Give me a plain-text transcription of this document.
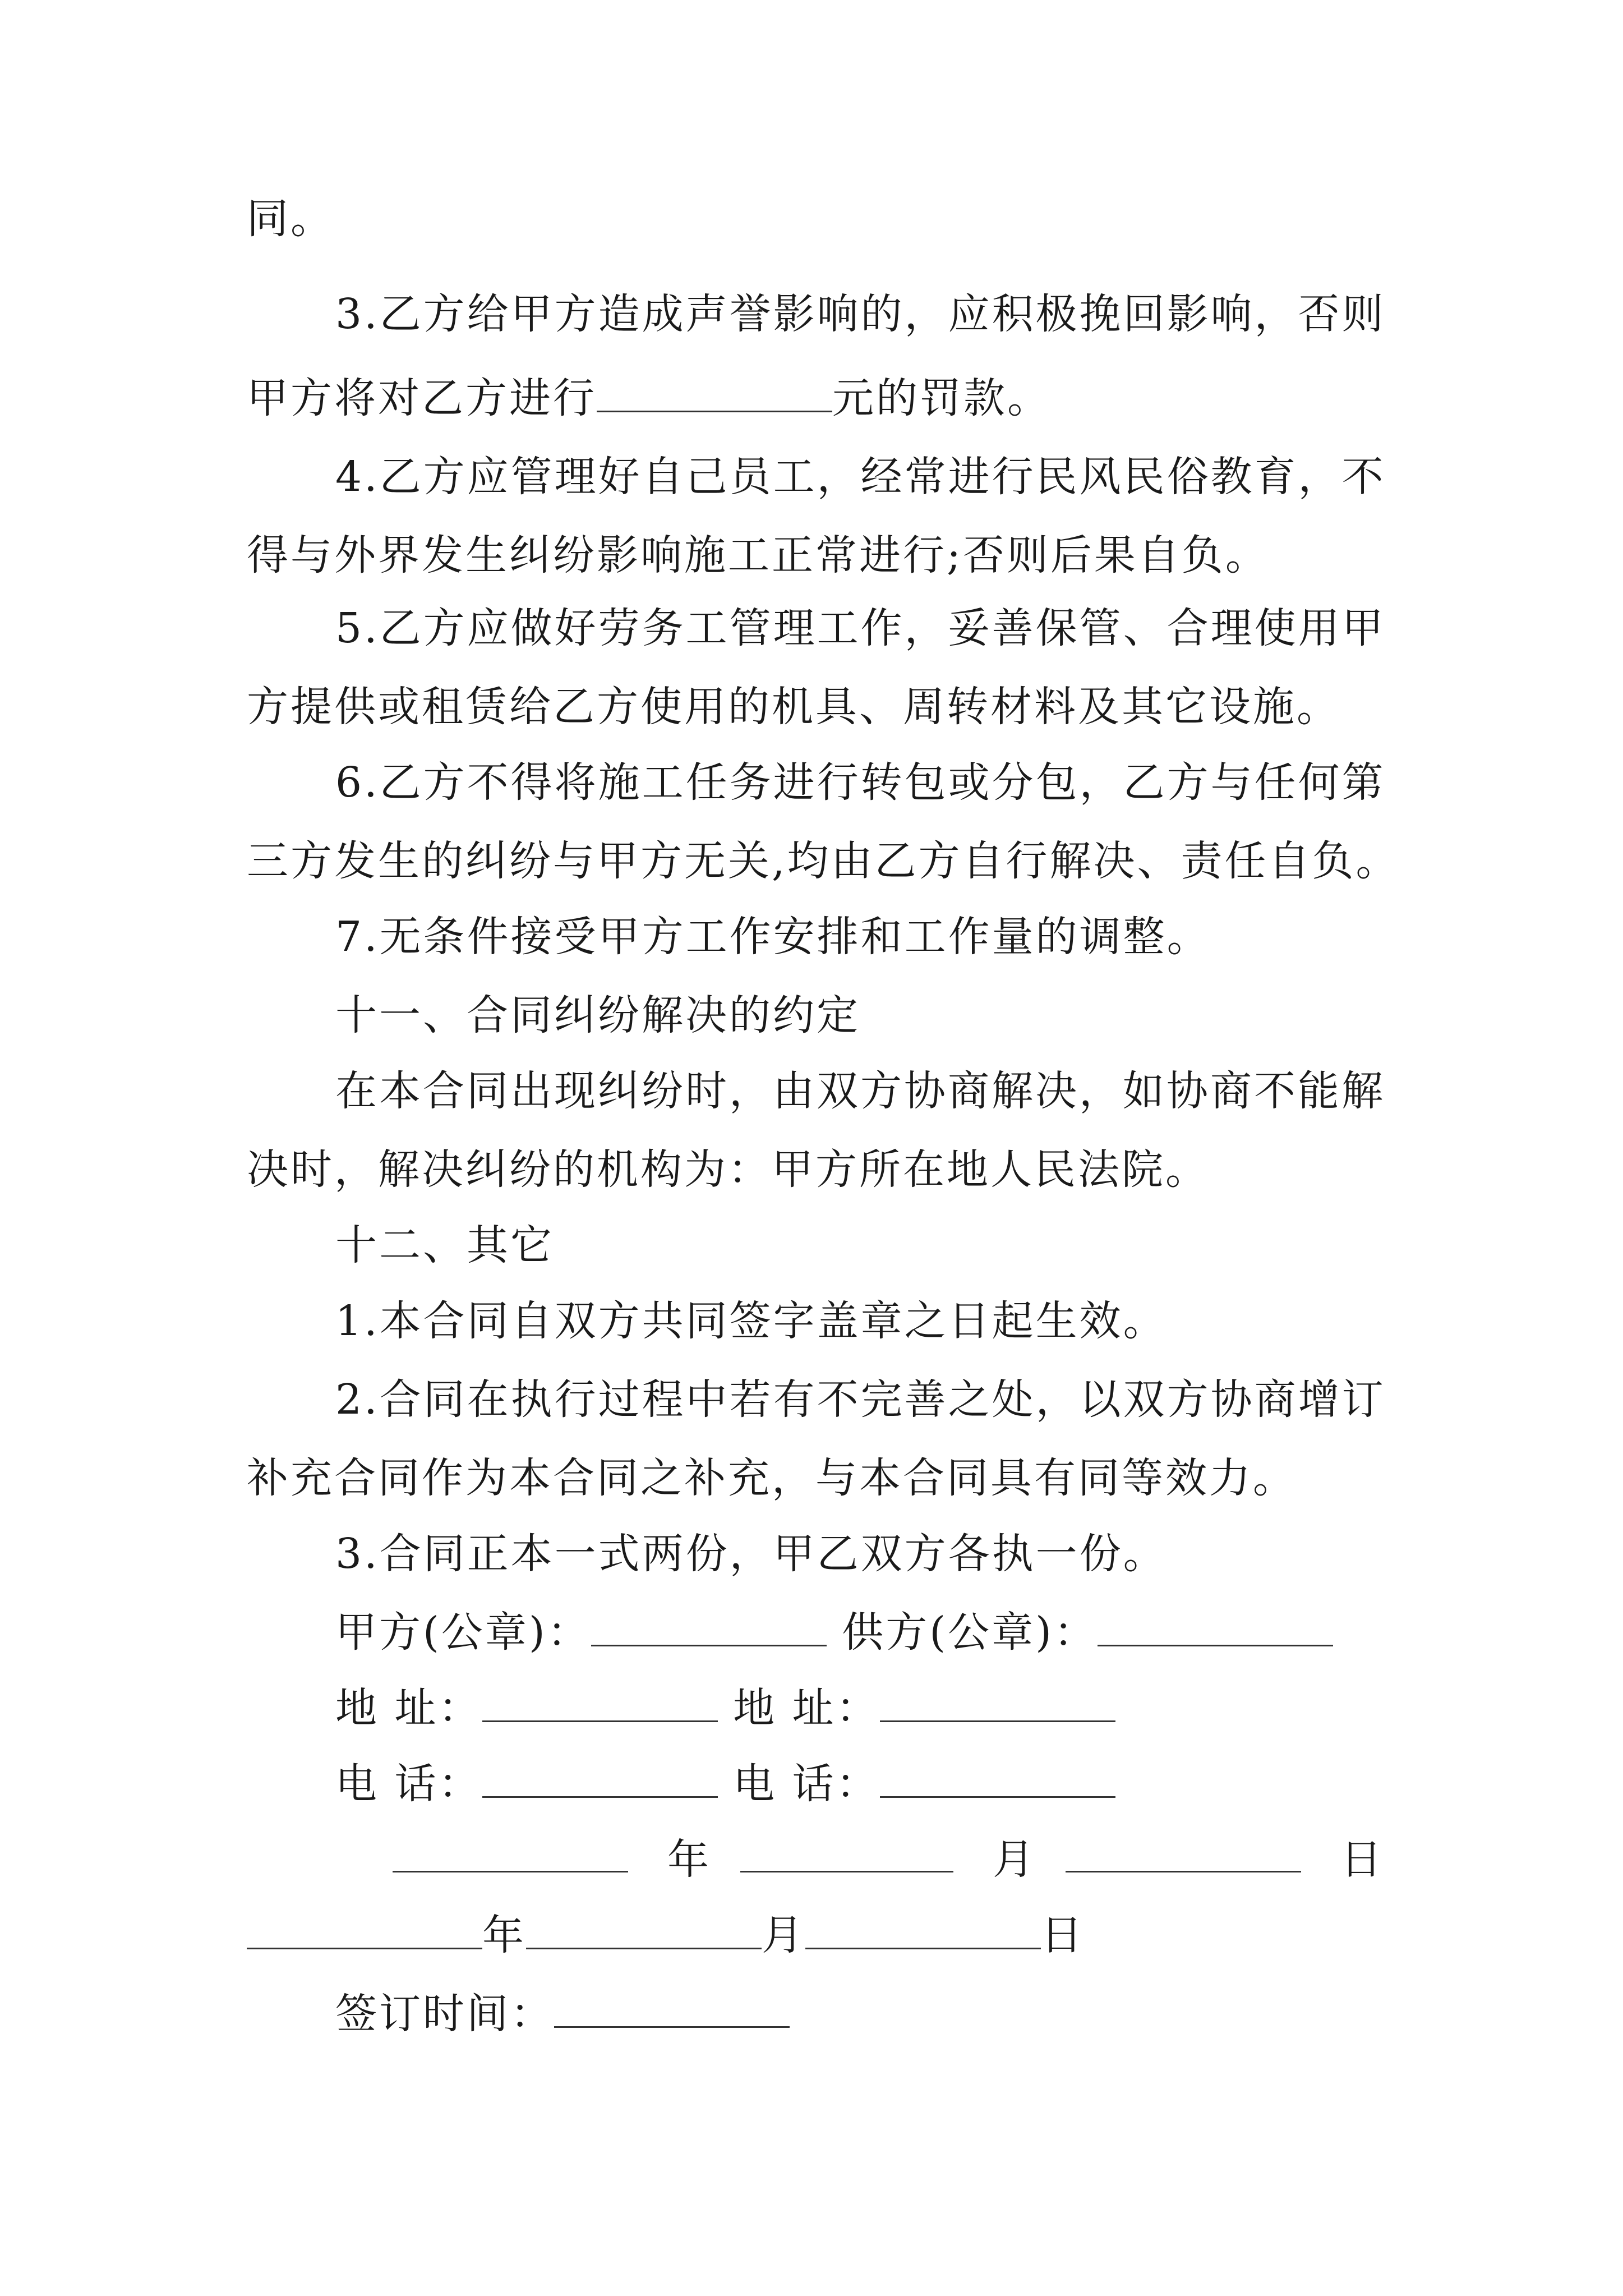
同。
3.乙方给甲方造成声誉影响的，应积极挽回影响，否则
甲方将对乙方进行	元的罚款。
4.乙方应管理好自己员工，经常进行民风民俗教育，不
得与外界发生纠纷影响施工正常进行;否则后果自负。
5.乙方应做好劳务工管理工作，妥善保管、合理使用甲
方提供或租赁给乙方使用的机具、周转材料及其它设施。
6.乙方不得将施工任务进行转包或分包，乙方与任何第
三方发生的纠纷与甲方无关,均由乙方自行解决、责任自负。
7.无条件接受甲方工作安排和工作量的调整。
十一、合同纠纷解决的约定
在本合同出现纠纷时，由双方协商解决，如协商不能解
决时，解决纠纷的机构为：甲方所在地人民法院。
十二、其它
1.本合同自双方共同签字盖章之日起生效。
2.合同在执行过程中若有不完善之处，以双方协商增订
补充合同作为本合同之补充，与本合同具有同等效力。
3.合同正本一式两份，甲乙双方各执一份。
甲方(公章)：	供方(公章)：
地 址：	地 址：
电 话：	电 话：
年	月	日
年	月	日
签订时间：
